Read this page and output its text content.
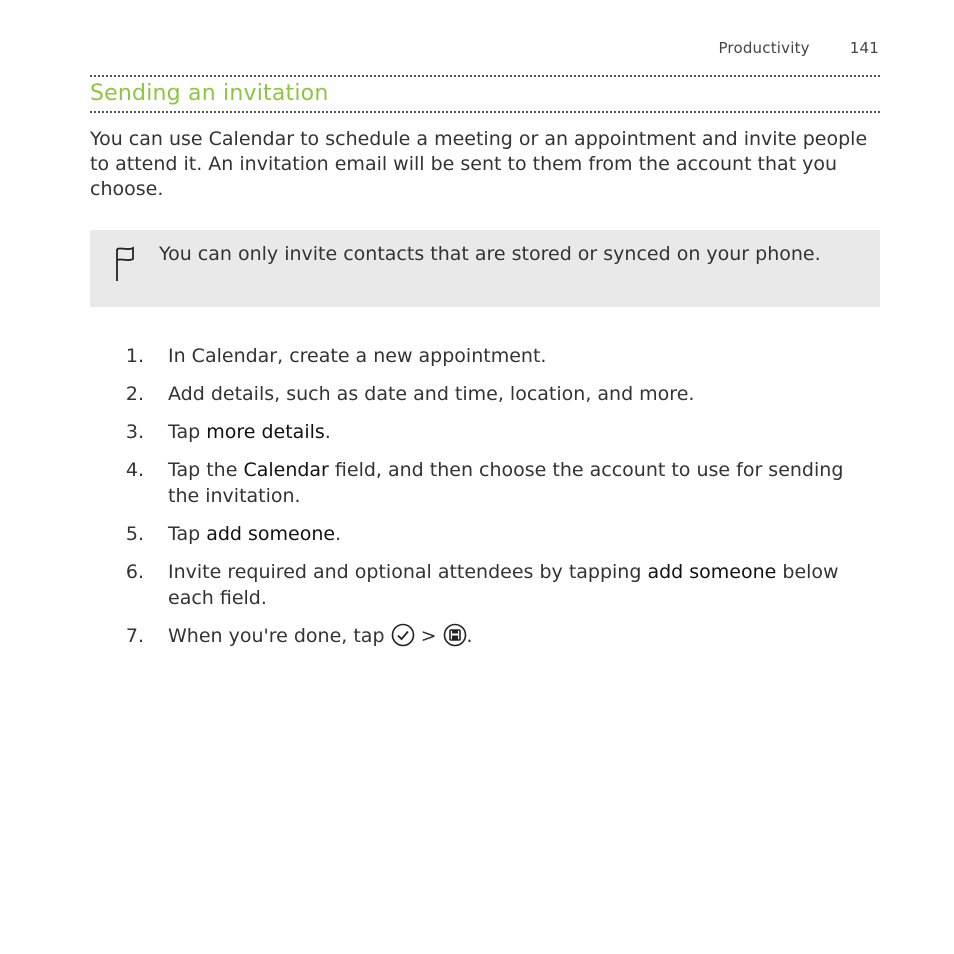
Productivity	141
Sending an invitation
You can use Calendar to schedule a meeting or an appointment and invite people to attend it. An invitation email will be sent to them from the account that you choose.
You can only invite contacts that are stored or synced on your phone.
1. In Calendar, create a new appointment.
2. Add details, such as date and time, location, and more.
3. Tap more details.
4. Tap the Calendar field, and then choose the account to use for sending the invitation.
5. Tap add someone.
6. Invite required and optional attendees by tapping add someone below each field.
7. When you're done, tap  > .
